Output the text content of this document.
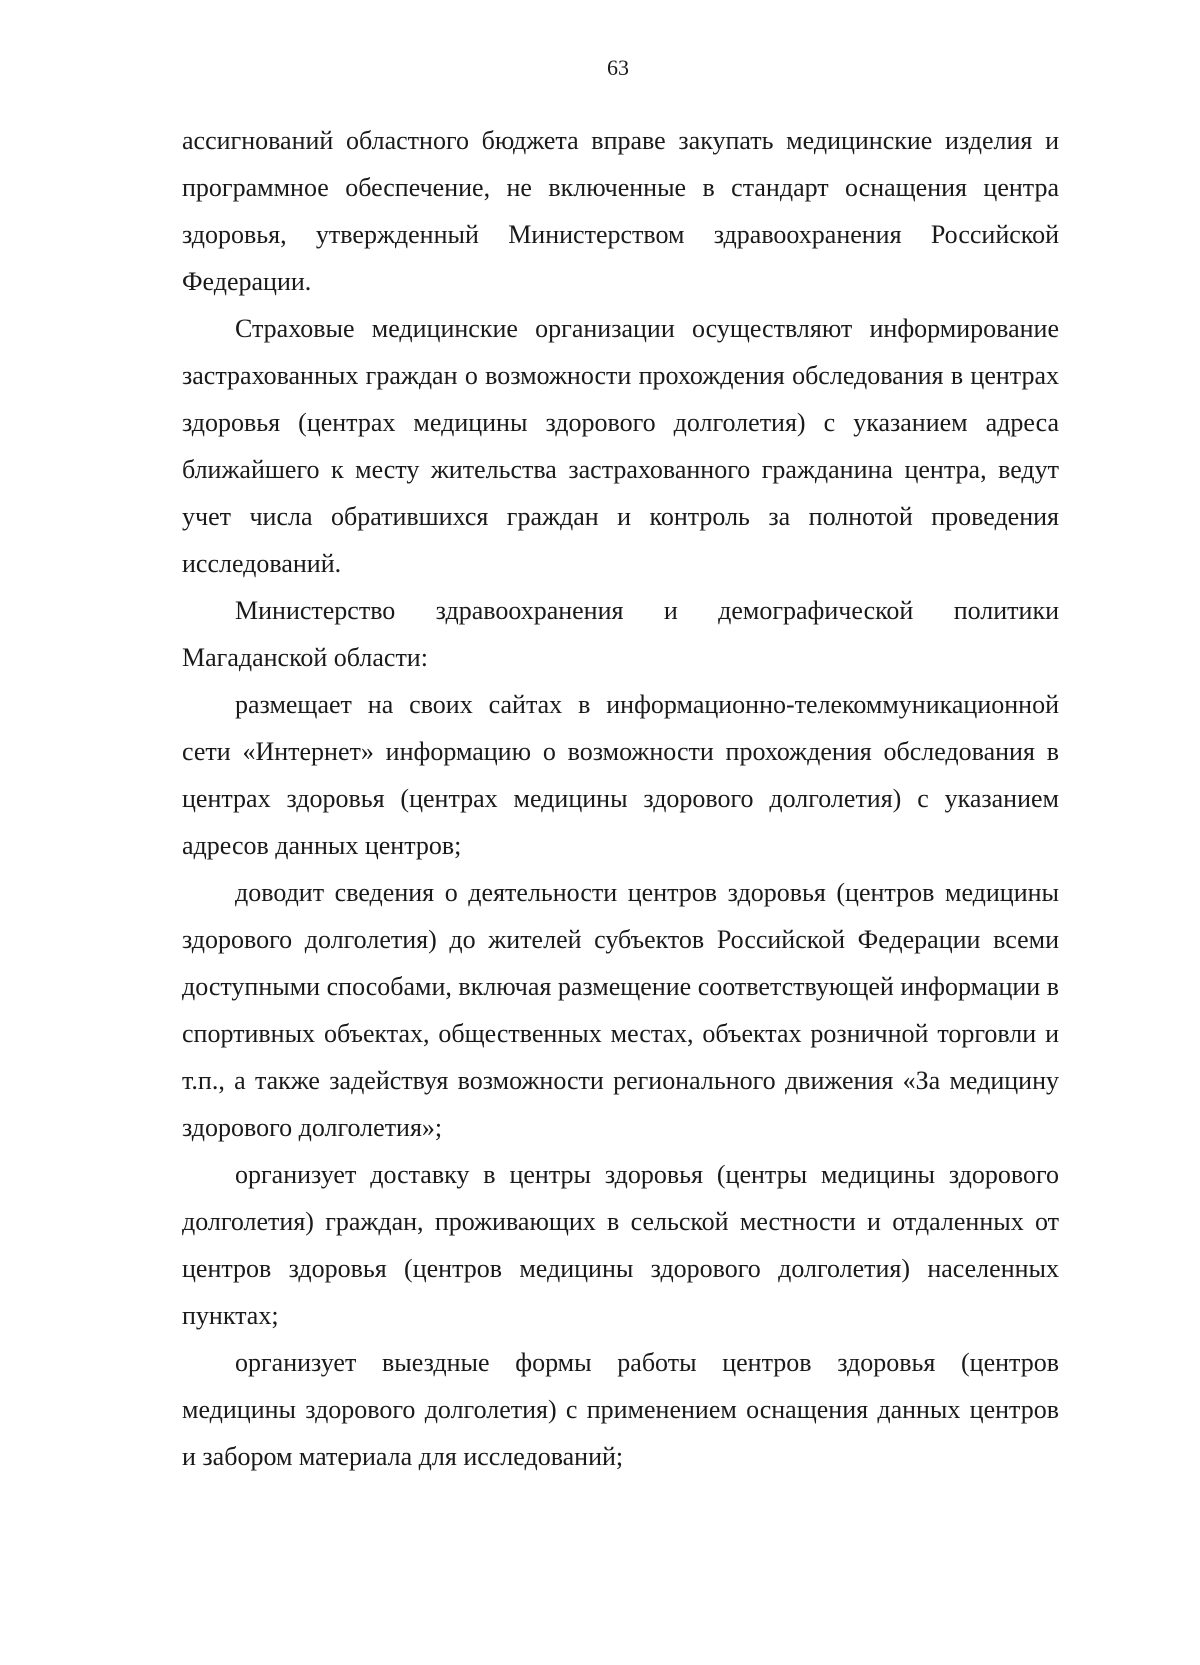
63

ассигнований областного бюджета вправе закупать медицинские изделия и программное обеспечение, не включенные в стандарт оснащения центра здоровья, утвержденный Министерством здравоохранения Российской Федерации.

Страховые медицинские организации осуществляют информирование застрахованных граждан о возможности прохождения обследования в центрах здоровья (центрах медицины здорового долголетия) с указанием адреса ближайшего к месту жительства застрахованного гражданина центра, ведут учет числа обратившихся граждан и контроль за полнотой проведения исследований.

Министерство здравоохранения и демографической политики Магаданской области:

размещает на своих сайтах в информационно-телекоммуникационной сети «Интернет» информацию о возможности прохождения обследования в центрах здоровья (центрах медицины здорового долголетия) с указанием адресов данных центров;

доводит сведения о деятельности центров здоровья (центров медицины здорового долголетия) до жителей субъектов Российской Федерации всеми доступными способами, включая размещение соответствующей информации в спортивных объектах, общественных местах, объектах розничной торговли и т.п., а также задействуя возможности регионального движения «За медицину здорового долголетия»;

организует доставку в центры здоровья (центры медицины здорового долголетия) граждан, проживающих в сельской местности и отдаленных от центров здоровья (центров медицины здорового долголетия) населенных пунктах;

организует выездные формы работы центров здоровья (центров медицины здорового долголетия) с применением оснащения данных центров и забором материала для исследований;
